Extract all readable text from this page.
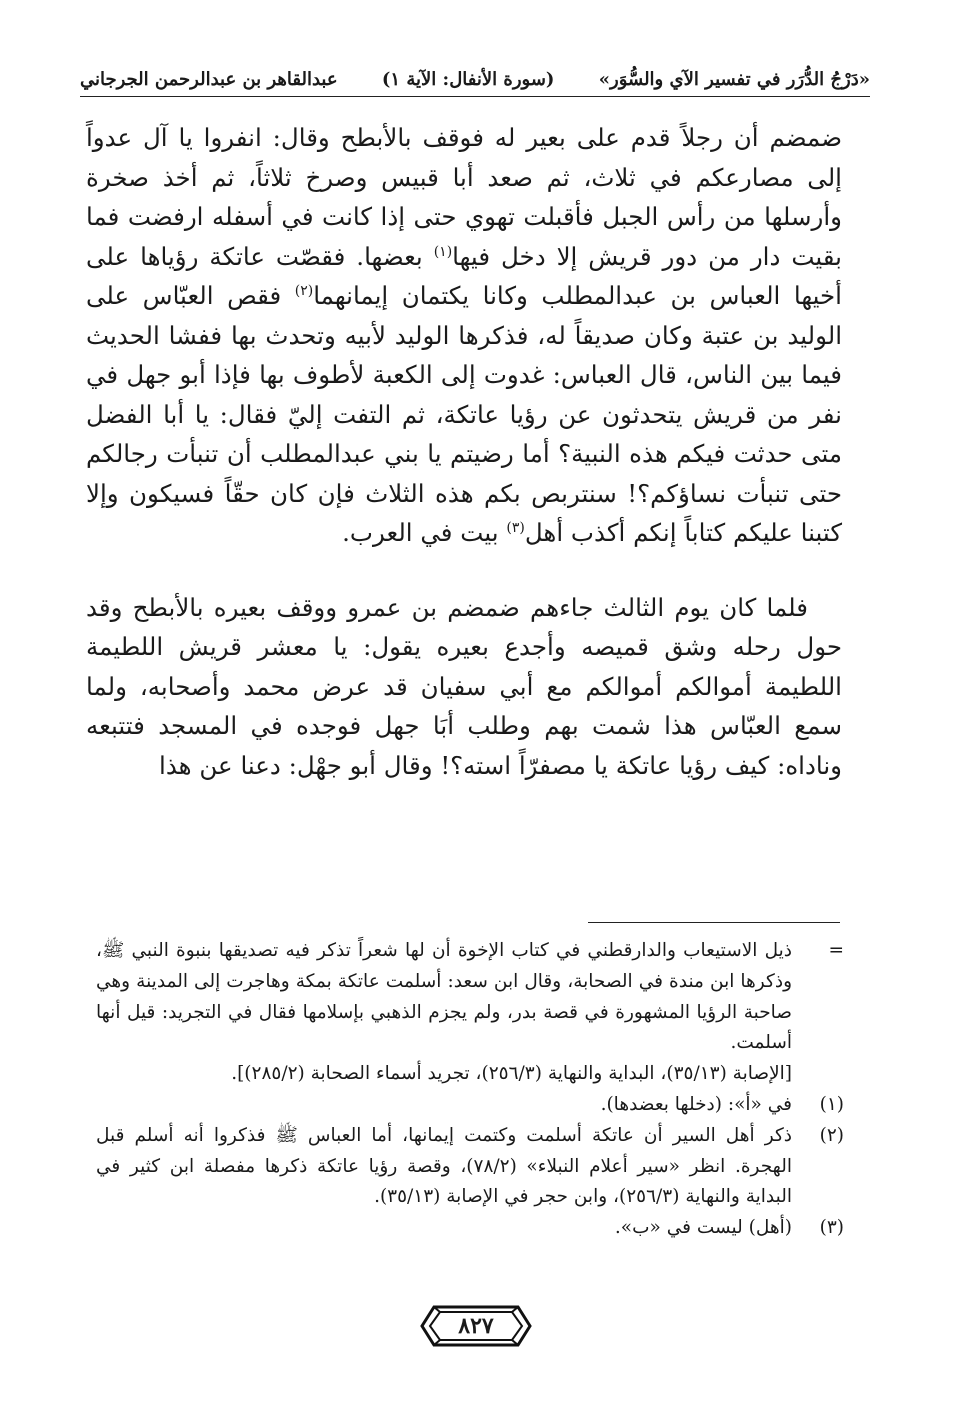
عبدالقاهر بن عبدالرحمن الجرجاني (سورة الأنفال: الآية ١) «دَرْجُ الدُّرَر في تفسير الآي والسُّوَر»

ضمضم أن رجلاً قدم على بعير له فوقف بالأبطح وقال: انفروا يا آل عدواً إلى مصارعكم في ثلاث، ثم صعد أبا قبيس وصرخ ثلاثاً، ثم أخذ صخرة وأرسلها من رأس الجبل فأقبلت تهوي حتى إذا كانت في أسفله ارفضت فما بقيت دار من دور قريش إلا دخل فيها$^{(١)}$ بعضها. فقصّت عاتكة رؤياها على أخيها العباس بن عبدالمطلب وكانا يكتمان إيمانهما$^{(٢)}$ فقص العبّاس على الوليد بن عتبة وكان صديقاً له، فذكرها الوليد لأبيه وتحدث بها ففشا الحديث فيما بين الناس، قال العباس: غدوت إلى الكعبة لأطوف بها فإذا أبو جهل في نفر من قريش يتحدثون عن رؤيا عاتكة، ثم التفت إليّ فقال: يا أبا الفضل متى حدثت فيكم هذه النبية؟ أما رضيتم يا بني عبدالمطلب أن تنبأت رجالكم حتى تنبأت نساؤكم؟! سنتربص بكم هذه الثلاث فإن كان حقّاً فسيكون وإلا كتبنا عليكم كتاباً إنكم أكذب أهل$^{(٣)}$ بيت في العرب.

فلما كان يوم الثالث جاءهم ضمضم بن عمرو ووقف بعيره بالأبطح وقد حول رحله وشق قميصه وأجدع بعيره يقول: يا معشر قريش اللطيمة اللطيمة أموالكم أموالكم مع أبي سفيان قد عرض محمد وأصحابه، ولما سمع العبّاس هذا شمت بهم وطلب أبَا جهل فوجده في المسجد فتتبعه وناداه: كيف رؤيا عاتكة يا مصفرّاً استه؟! وقال أبو جهْل: دعنا عن هذا

=
ذيل الاستيعاب والدارقطني في كتاب الإخوة أن لها شعراً تذكر فيه تصديقها بنبوة النبي ﷺ، وذكرها ابن مندة في الصحابة، وقال ابن سعد: أسلمت عاتكة بمكة وهاجرت إلى المدينة وهي صاحبة الرؤيا المشهورة في قصة بدر، ولم يجزم الذهبي بإسلامها فقال في التجريد: قيل أنها أسلمت.
[الإصابة (٣٥/١٣)، البداية والنهاية (٢٥٦/٣)، تجريد أسماء الصحابة (٢٨٥/٢)].
(١)
في «أ»: (دخلها بعضدها).
(٢)
ذكر أهل السير أن عاتكة أسلمت وكتمت إيمانها، أما العباس ﷺ فذكروا أنه أسلم قبل الهجرة. انظر «سير أعلام النبلاء» (٧٨/٢)، وقصة رؤيا عاتكة ذكرها مفصلة ابن كثير في البداية والنهاية (٢٥٦/٣)، وابن حجر في الإصابة (٣٥/١٣).
(٣)
(أهل) ليست في «ب».
٨٢٧
